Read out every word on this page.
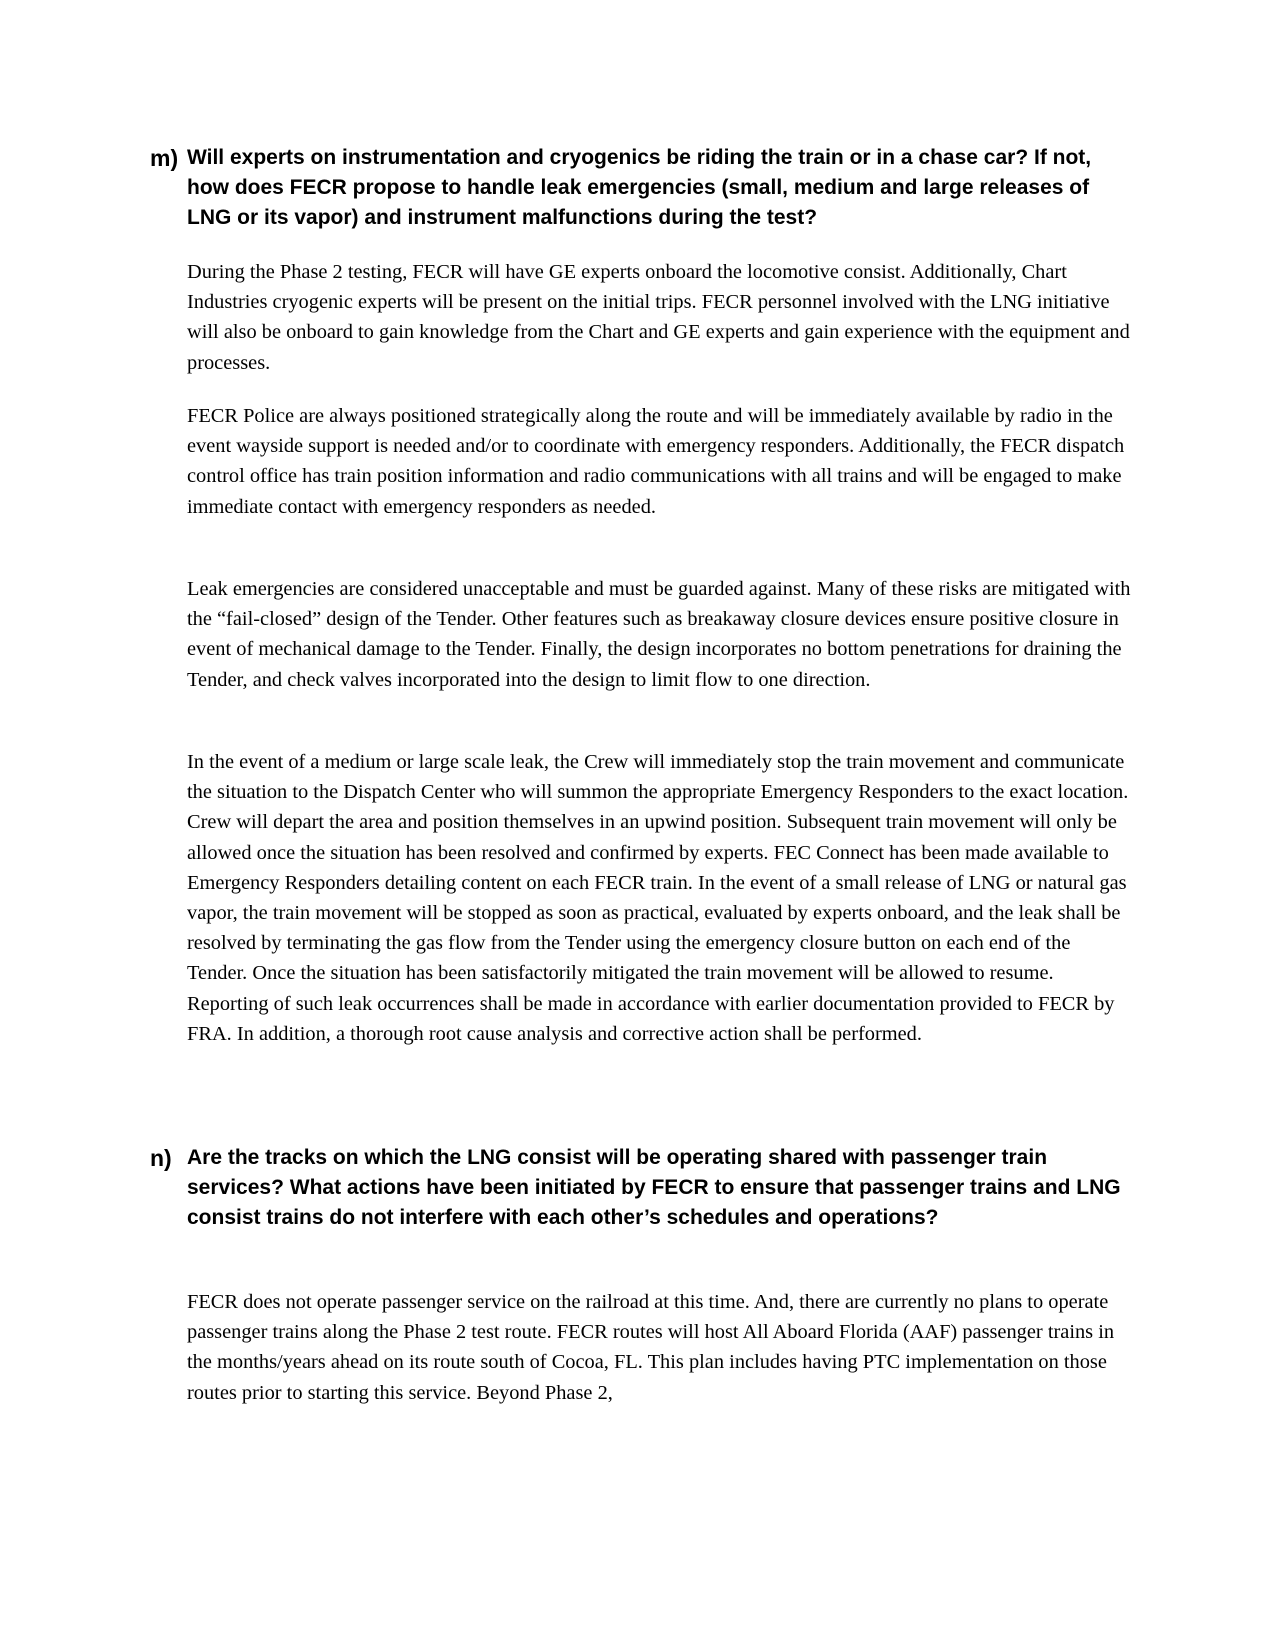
m) Will experts on instrumentation and cryogenics be riding the train or in a chase car? If not, how does FECR propose to handle leak emergencies (small, medium and large releases of LNG or its vapor) and instrument malfunctions during the test?

During the Phase 2 testing, FECR will have GE experts onboard the locomotive consist. Additionally, Chart Industries cryogenic experts will be present on the initial trips. FECR personnel involved with the LNG initiative will also be onboard to gain knowledge from the Chart and GE experts and gain experience with the equipment and processes.

FECR Police are always positioned strategically along the route and will be immediately available by radio in the event wayside support is needed and/or to coordinate with emergency responders. Additionally, the FECR dispatch control office has train position information and radio communications with all trains and will be engaged to make immediate contact with emergency responders as needed.

Leak emergencies are considered unacceptable and must be guarded against. Many of these risks are mitigated with the “fail-closed” design of the Tender. Other features such as breakaway closure devices ensure positive closure in event of mechanical damage to the Tender. Finally, the design incorporates no bottom penetrations for draining the Tender, and check valves incorporated into the design to limit flow to one direction.

In the event of a medium or large scale leak, the Crew will immediately stop the train movement and communicate the situation to the Dispatch Center who will summon the appropriate Emergency Responders to the exact location. Crew will depart the area and position themselves in an upwind position. Subsequent train movement will only be allowed once the situation has been resolved and confirmed by experts. FEC Connect has been made available to Emergency Responders detailing content on each FECR train. In the event of a small release of LNG or natural gas vapor, the train movement will be stopped as soon as practical, evaluated by experts onboard, and the leak shall be resolved by terminating the gas flow from the Tender using the emergency closure button on each end of the Tender. Once the situation has been satisfactorily mitigated the train movement will be allowed to resume. Reporting of such leak occurrences shall be made in accordance with earlier documentation provided to FECR by FRA. In addition, a thorough root cause analysis and corrective action shall be performed.

n) Are the tracks on which the LNG consist will be operating shared with passenger train services? What actions have been initiated by FECR to ensure that passenger trains and LNG consist trains do not interfere with each other’s schedules and operations?

FECR does not operate passenger service on the railroad at this time. And, there are currently no plans to operate passenger trains along the Phase 2 test route. FECR routes will host All Aboard Florida (AAF) passenger trains in the months/years ahead on its route south of Cocoa, FL. This plan includes having PTC implementation on those routes prior to starting this service. Beyond Phase 2,
